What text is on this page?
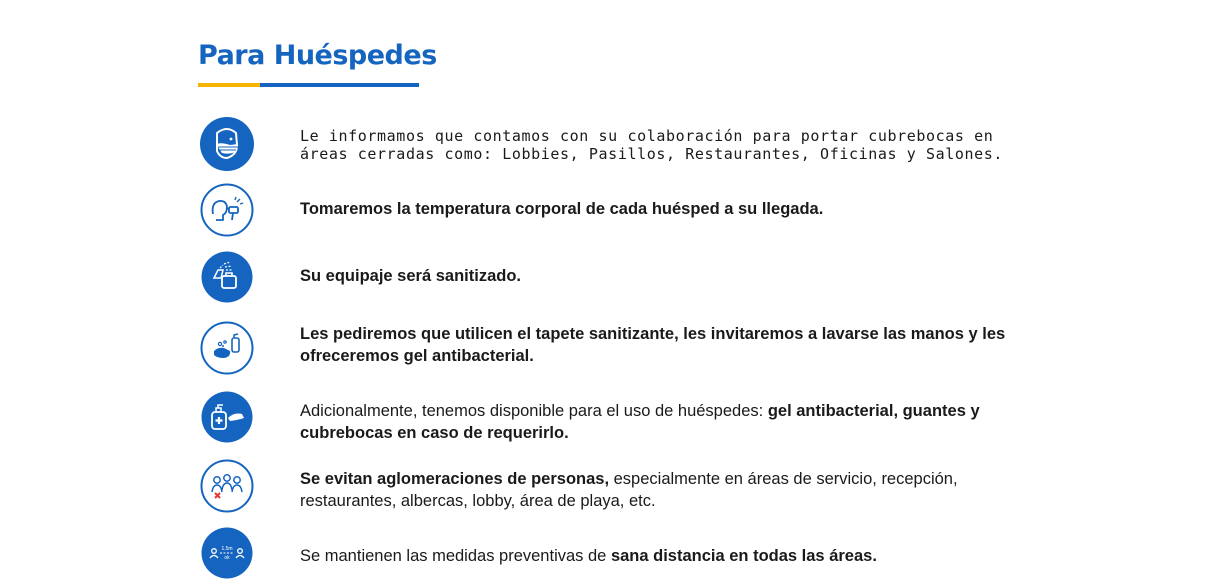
Para Huéspedes
Le informamos que contamos con su colaboración para portar cubrebocas en áreas cerradas como: Lobbies, Pasillos, Restaurantes, Oficinas y Salones.
Tomaremos la temperatura corporal de cada huésped a su llegada.
Su equipaje será sanitizado.
Les pediremos que utilicen el tapete sanitizante, les invitaremos a lavarse las manos y les ofreceremos gel antibacterial.
Adicionalmente, tenemos disponible para el uso de huéspedes: gel antibacterial, guantes y cubrebocas en caso de requerirlo.
Se evitan aglomeraciones de personas, especialmente en áreas de servicio, recepción, restaurantes, albercas, lobby, área de playa, etc.
1.5m
ok	Se mantienen las medidas preventivas de sana distancia en todas las áreas.
